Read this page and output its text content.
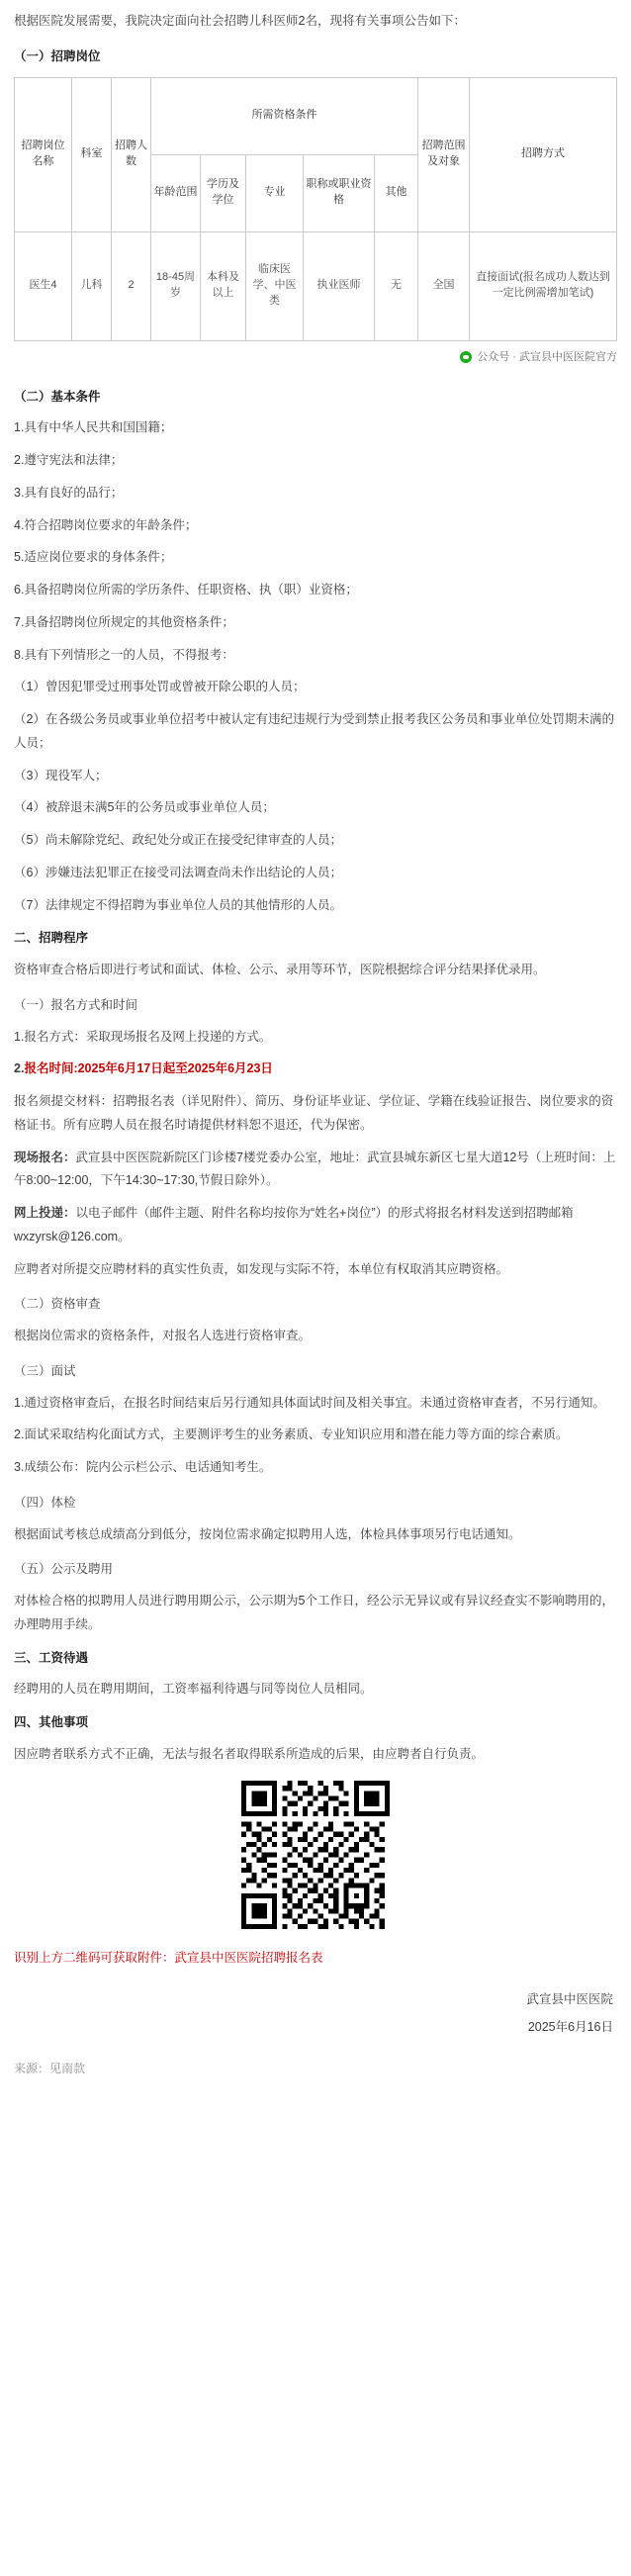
根据医院发展需要，我院决定面向社会招聘儿科医师2名，现将有关事项公告如下：

（一）招聘岗位

招聘岗位名称	科室	招聘人数	所需资格条件					招聘范围及对象	招聘方式
			年龄范围	学历及学位	专业	职称或职业资格	其他		
医生4	儿科	2	18-45周岁	本科及以上	临床医学、中医类	执业医师	无	全国	直接面试(报名成功人数达到一定比例需增加笔试)
公众号 · 武宣县中医医院官方

（二）基本条件

1.具有中华人民共和国国籍；

2.遵守宪法和法律；

3.具有良好的品行；

4.符合招聘岗位要求的年龄条件；

5.适应岗位要求的身体条件；

6.具备招聘岗位所需的学历条件、任职资格、执（职）业资格；

7.具备招聘岗位所规定的其他资格条件；

8.具有下列情形之一的人员，不得报考：

（1）曾因犯罪受过刑事处罚或曾被开除公职的人员；

（2）在各级公务员或事业单位招考中被认定有违纪违规行为受到禁止报考我区公务员和事业单位处罚期未满的人员；

（3）现役军人；

（4）被辞退未满5年的公务员或事业单位人员；

（5）尚未解除党纪、政纪处分或正在接受纪律审查的人员；

（6）涉嫌违法犯罪正在接受司法调查尚未作出结论的人员；

（7）法律规定不得招聘为事业单位人员的其他情形的人员。

二、招聘程序

资格审查合格后即进行考试和面试、体检、公示、录用等环节，医院根据综合评分结果择优录用。

（一）报名方式和时间

1.报名方式：采取现场报名及网上投递的方式。

2.报名时间:2025年6月17日起至2025年6月23日

报名须提交材料：招聘报名表（详见附件）、简历、身份证毕业证、学位证、学籍在线验证报告、岗位要求的资格证书。所有应聘人员在报名时请提供材料恕不退还，代为保密。

现场报名：武宣县中医医院新院区门诊楼7楼党委办公室，地址：武宣县城东新区七星大道12号（上班时间：上午8:00~12:00，下午14:30~17:30,节假日除外）。

网上投递：以电子邮件（邮件主题、附件名称均按你为“姓名+岗位”）的形式将报名材料发送到招聘邮箱wxzyrsk@126.com。

应聘者对所提交应聘材料的真实性负责，如发现与实际不符，本单位有权取消其应聘资格。

（二）资格审查

根据岗位需求的资格条件，对报名人选进行资格审查。

（三）面试

1.通过资格审查后，在报名时间结束后另行通知具体面试时间及相关事宜。未通过资格审查者，不另行通知。

2.面试采取结构化面试方式，主要测评考生的业务素质、专业知识应用和潜在能力等方面的综合素质。

3.成绩公布：院内公示栏公示、电话通知考生。

（四）体检

根据面试考核总成绩高分到低分，按岗位需求确定拟聘用人选，体检具体事项另行电话通知。

（五）公示及聘用

对体检合格的拟聘用人员进行聘用期公示，公示期为5个工作日，经公示无异议或有异议经查实不影响聘用的，办理聘用手续。

三、工资待遇

经聘用的人员在聘用期间，工资率福利待遇与同等岗位人员相同。

四、其他事项

因应聘者联系方式不正确，无法与报名者取得联系所造成的后果，由应聘者自行负责。

识别上方二维码可获取附件：武宣县中医医院招聘报名表

武宣县中医医院

2025年6月16日

来源：见南款
